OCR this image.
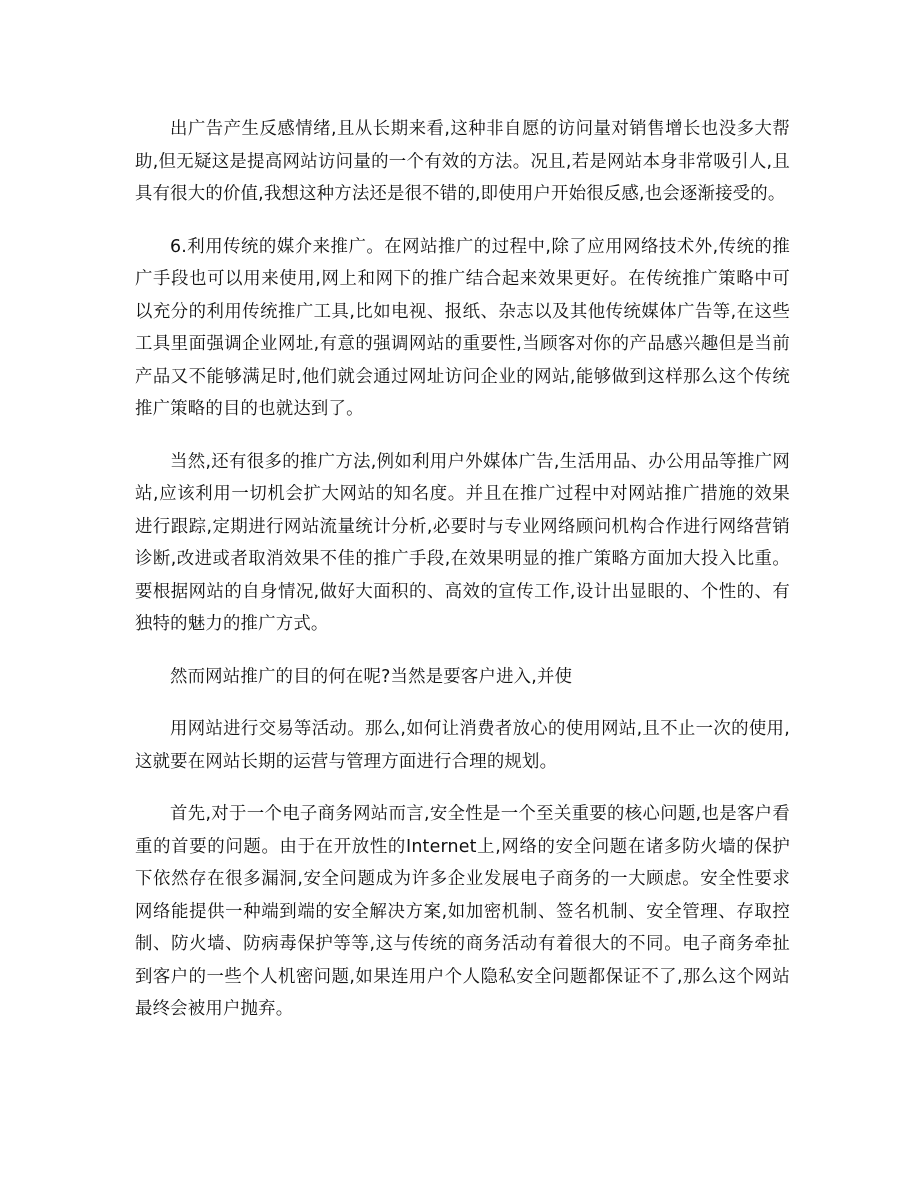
出广告产生反感情绪,且从长期来看,这种非自愿的访问量对销售增长也没多大帮助,但无疑这是提高网站访问量的一个有效的方法。况且,若是网站本身非常吸引人,且具有很大的价值,我想这种方法还是很不错的,即使用户开始很反感,也会逐渐接受的。

6.利用传统的媒介来推广。在网站推广的过程中,除了应用网络技术外,传统的推广手段也可以用来使用,网上和网下的推广结合起来效果更好。在传统推广策略中可以充分的利用传统推广工具,比如电视、报纸、杂志以及其他传统媒体广告等,在这些工具里面强调企业网址,有意的强调网站的重要性,当顾客对你的产品感兴趣但是当前产品又不能够满足时,他们就会通过网址访问企业的网站,能够做到这样那么这个传统推广策略的目的也就达到了。

当然,还有很多的推广方法,例如利用户外媒体广告,生活用品、办公用品等推广网站,应该利用一切机会扩大网站的知名度。并且在推广过程中对网站推广措施的效果进行跟踪,定期进行网站流量统计分析,必要时与专业网络顾问机构合作进行网络营销诊断,改进或者取消效果不佳的推广手段,在效果明显的推广策略方面加大投入比重。要根据网站的自身情况,做好大面积的、高效的宣传工作,设计出显眼的、个性的、有独特的魅力的推广方式。

然而网站推广的目的何在呢?当然是要客户进入,并使

用网站进行交易等活动。那么,如何让消费者放心的使用网站,且不止一次的使用,这就要在网站长期的运营与管理方面进行合理的规划。

首先,对于一个电子商务网站而言,安全性是一个至关重要的核心问题,也是客户看重的首要的问题。由于在开放性的Internet上,网络的安全问题在诸多防火墙的保护下依然存在很多漏洞,安全问题成为许多企业发展电子商务的一大顾虑。安全性要求网络能提供一种端到端的安全解决方案,如加密机制、签名机制、安全管理、存取控制、防火墙、防病毒保护等等,这与传统的商务活动有着很大的不同。电子商务牵扯到客户的一些个人机密问题,如果连用户个人隐私安全问题都保证不了,那么这个网站最终会被用户抛弃。
